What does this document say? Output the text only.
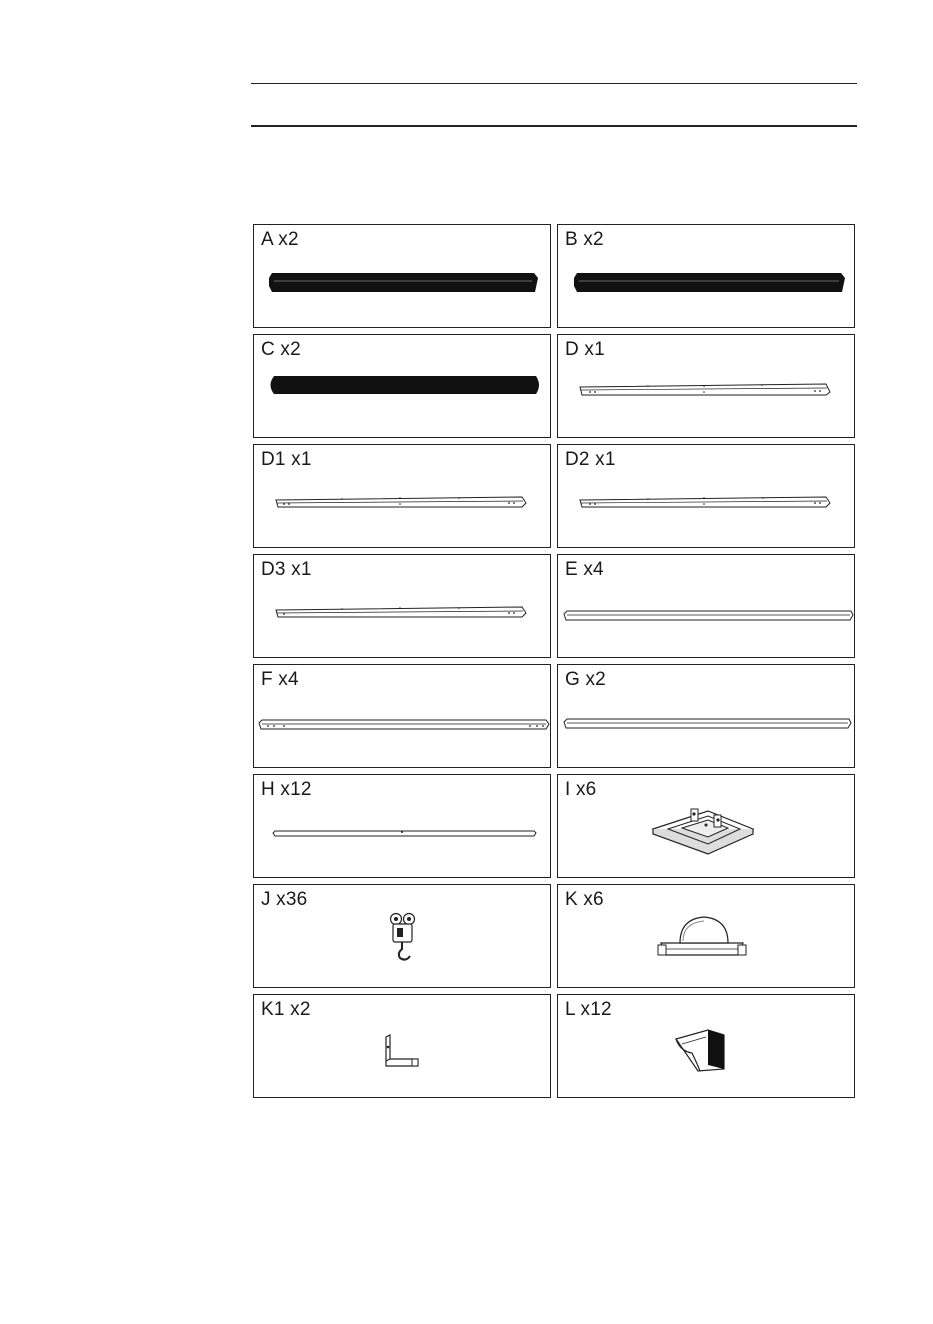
A x2	B x2
C x2	D x1
D1 x1	D2 x1
D3 x1	E x4
F x4	G x2
H x12	I x6
J x36	K x6
K1 x2	L x12
